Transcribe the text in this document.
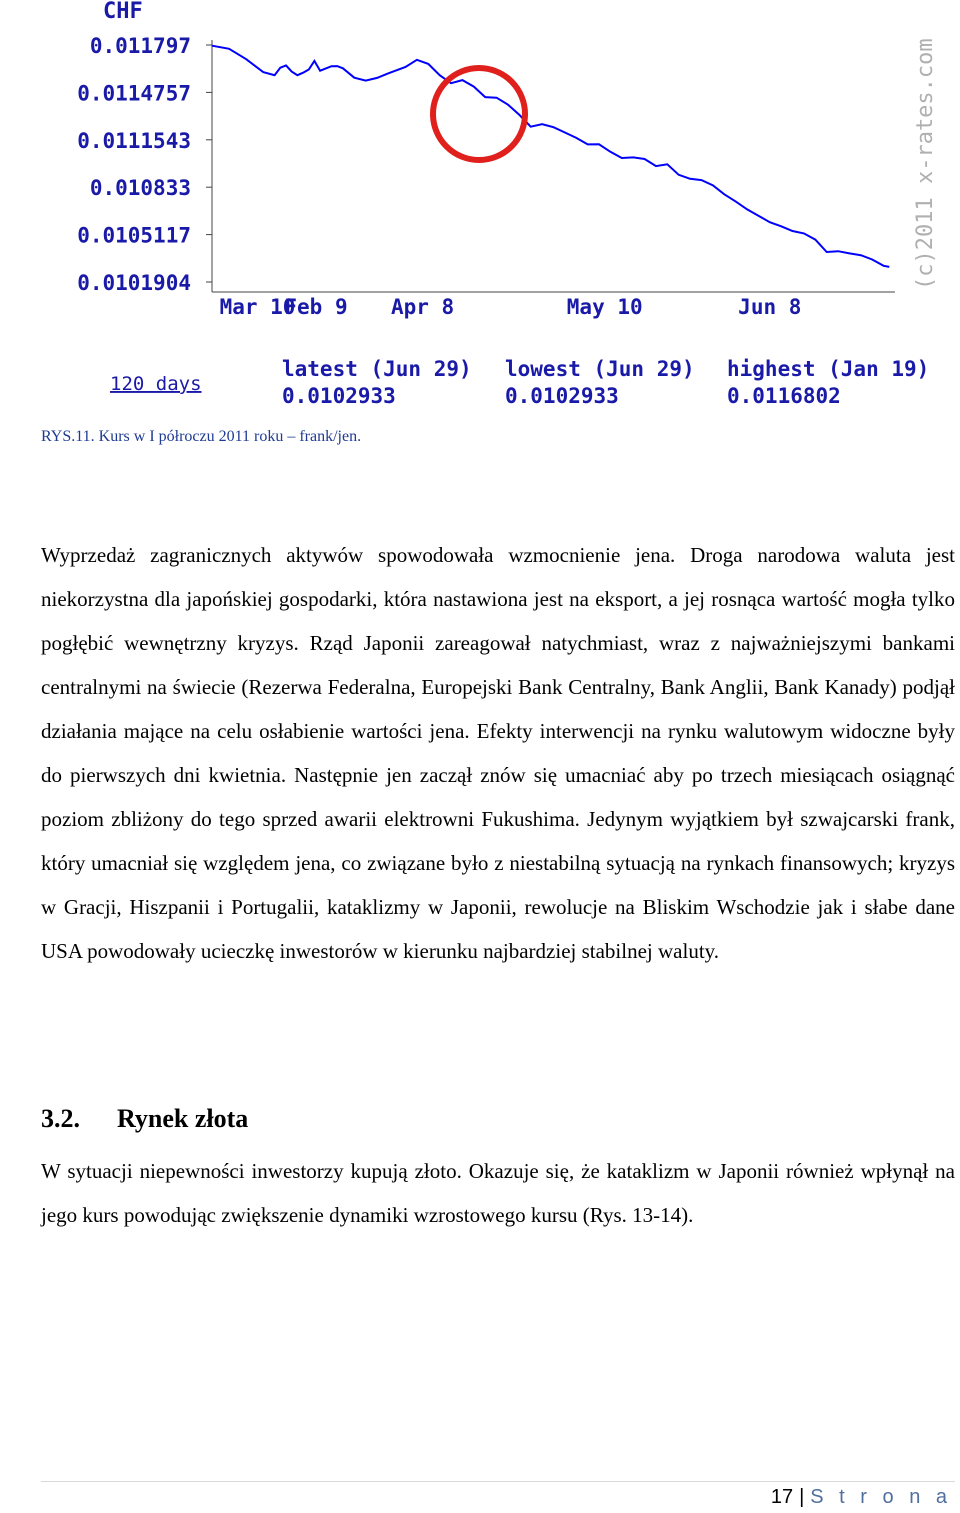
CHF
0.011797
0.0114757
0.0111543
0.010833
0.0105117
0.0101904
Feb 9
Mar 10	Apr 8	May 10	Jun 8
(c)2011 x-rates.com
120 days
latest (Jun 29)
0.0102933
lowest (Jun 29)
0.0102933
highest (Jan 19)
0.0116802
RYS.11. Kurs w I półroczu 2011 roku – frank/jen.
Wyprzedaż zagranicznych aktywów spowodowała wzmocnienie jena. Droga narodowa waluta jest niekorzystna dla japońskiej gospodarki, która nastawiona jest na eksport, a jej rosnąca wartość mogła tylko pogłębić wewnętrzny kryzys. Rząd Japonii zareagował natychmiast, wraz z najważniejszymi bankami centralnymi na świecie (Rezerwa Federalna, Europejski Bank Centralny, Bank Anglii, Bank Kanady) podjął działania mające na celu osłabienie wartości jena. Efekty interwencji na rynku walutowym widoczne były do pierwszych dni kwietnia. Następnie jen zaczął znów się umacniać aby po trzech miesiącach osiągnąć poziom zbliżony do tego sprzed awarii elektrowni Fukushima. Jedynym wyjątkiem był szwajcarski frank, który umacniał się względem jena, co związane było z niestabilną sytuacją na rynkach finansowych; kryzys w Gracji, Hiszpanii i Portugalii, kataklizmy w Japonii, rewolucje na Bliskim Wschodzie jak i słabe dane USA powodowały ucieczkę inwestorów w kierunku najbardziej stabilnej waluty.
3.2. Rynek złota
W sytuacji niepewności inwestorzy kupują złoto. Okazuje się, że kataklizm w Japonii również wpłynął na jego kurs powodując zwiększenie dynamiki wzrostowego kursu (Rys. 13-14).
17 | S t r o n a
